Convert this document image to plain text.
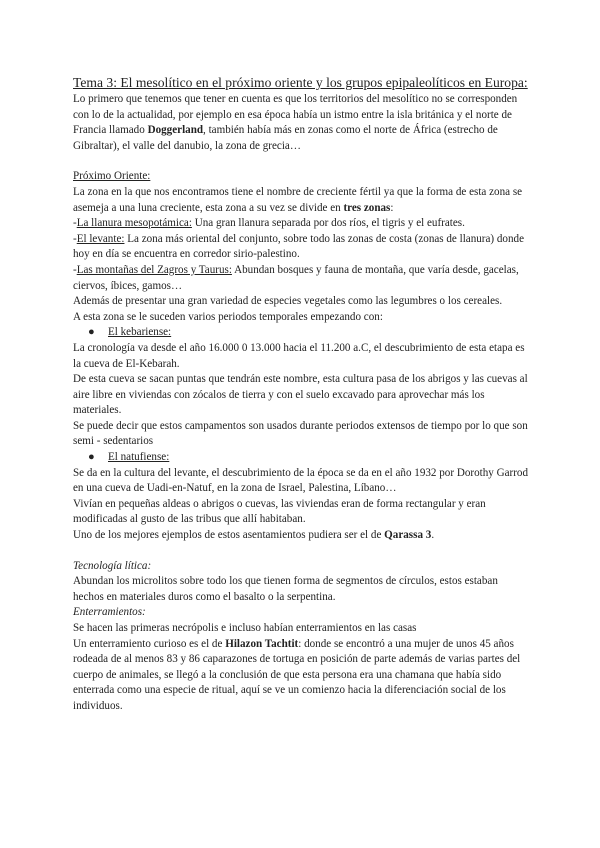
Tema 3: El mesolítico en el próximo oriente y los grupos epipaleolíticos en Europa:

Lo primero que tenemos que tener en cuenta es que los territorios del mesolítico no se corresponden con lo de la actualidad, por ejemplo en esa época había un istmo entre la isla británica y el norte de Francia llamado Doggerland, también había más en zonas como el norte de África (estrecho de Gibraltar), el valle del danubio, la zona de grecia…

Próximo Oriente:

La zona en la que nos encontramos tiene el nombre de creciente fértil ya que la forma de esta zona se asemeja a una luna creciente, esta zona a su vez se divide en tres zonas:

-La llanura mesopotámica: Una gran llanura separada por dos ríos, el tigris y el eufrates.

-El levante: La zona más oriental del conjunto, sobre todo las zonas de costa (zonas de llanura) donde hoy en día se encuentra en corredor sirio-palestino.

-Las montañas del Zagros y Taurus: Abundan bosques y fauna de montaña, que varía desde, gacelas, ciervos, íbices, gamos…

Además de presentar una gran variedad de especies vegetales como las legumbres o los cereales.

A esta zona se le suceden varios periodos temporales empezando con:

● El kebariense:

La cronología va desde el año 16.000 0 13.000 hacia el 11.200 a.C, el descubrimiento de esta etapa es la cueva de El-Kebarah.

De esta cueva se sacan puntas que tendrán este nombre, esta cultura pasa de los abrigos y las cuevas al aire libre en viviendas con zócalos de tierra y con el suelo excavado para aprovechar más los materiales.

Se puede decir que estos campamentos son usados durante periodos extensos de tiempo por lo que son semi - sedentarios

● El natufiense:

Se da en la cultura del levante, el descubrimiento de la época se da en el año 1932 por Dorothy Garrod en una cueva de Uadi-en-Natuf, en la zona de Israel, Palestina, Líbano…

Vivían en pequeñas aldeas o abrigos o cuevas, las viviendas eran de forma rectangular y eran modificadas al gusto de las tribus que allí habitaban.

Uno de los mejores ejemplos de estos asentamientos pudiera ser el de Qarassa 3.

Tecnología lítica:

Abundan los microlitos sobre todo los que tienen forma de segmentos de círculos, estos estaban hechos en materiales duros como el basalto o la serpentina.

Enterramientos:

Se hacen las primeras necrópolis e incluso habían enterramientos en las casas

Un enterramiento curioso es el de Hilazon Tachtit: donde se encontró a una mujer de unos 45 años rodeada de al menos 83 y 86 caparazones de tortuga en posición de parte además de varias partes del cuerpo de animales, se llegó a la conclusión de que esta persona era una chamana que había sido enterrada como una especie de ritual, aquí se ve un comienzo hacia la diferenciación social de los individuos.
